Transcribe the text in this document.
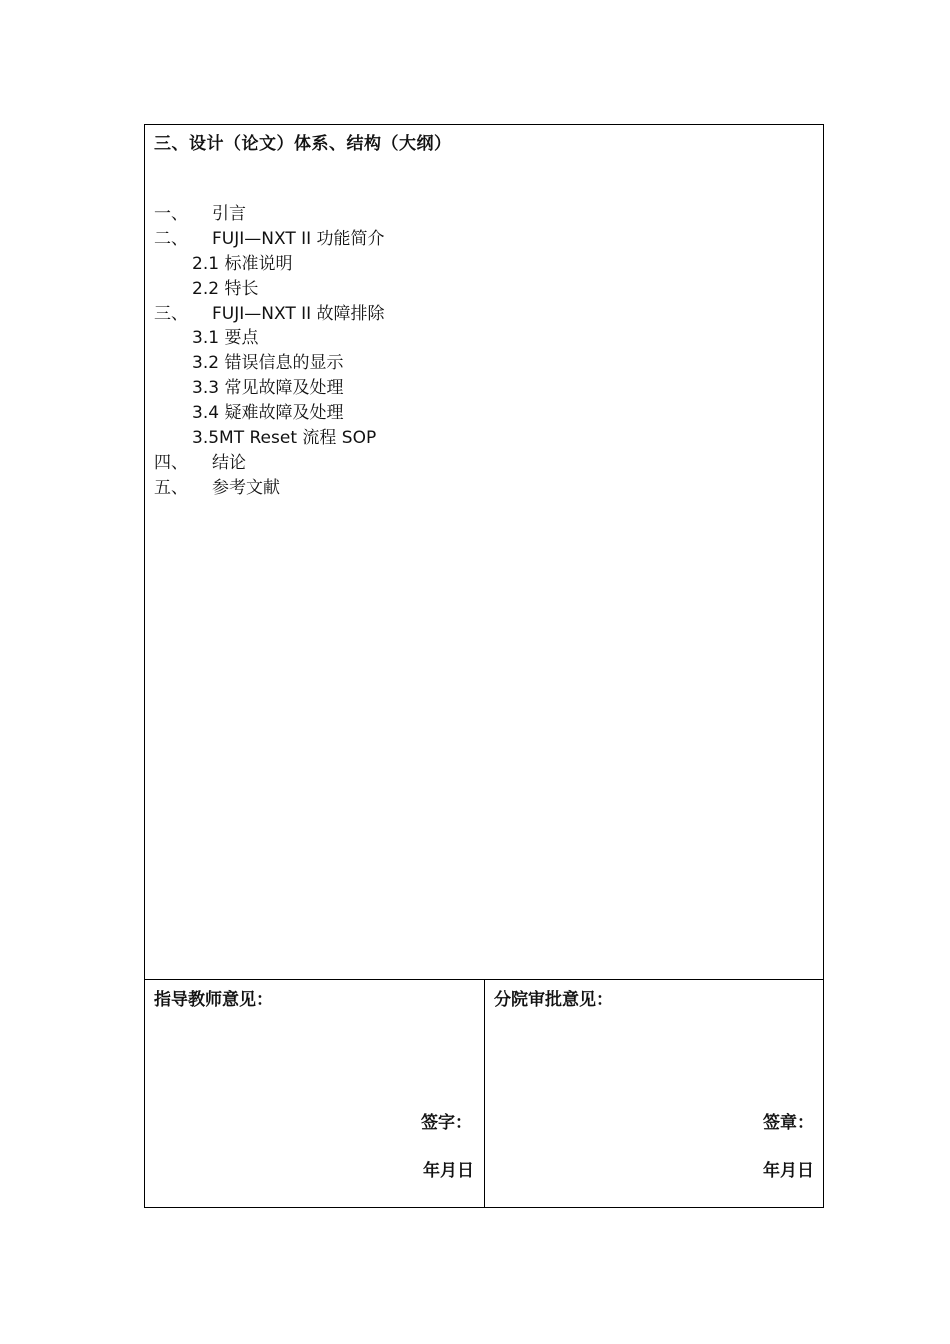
三、设计（论文）体系、结构（大纲）
一、 引言
二、 FUJI—NXT II 功能简介
2.1 标准说明
2.2 特长
三、 FUJI—NXT II 故障排除
3.1 要点
3.2 错误信息的显示
3.3 常见故障及处理
3.4 疑难故障及处理
3.5MT Reset 流程 SOP
四、 结论
五、 参考文献
指导教师意见：
签字：
年月日
分院审批意见：
签章：
年月日
